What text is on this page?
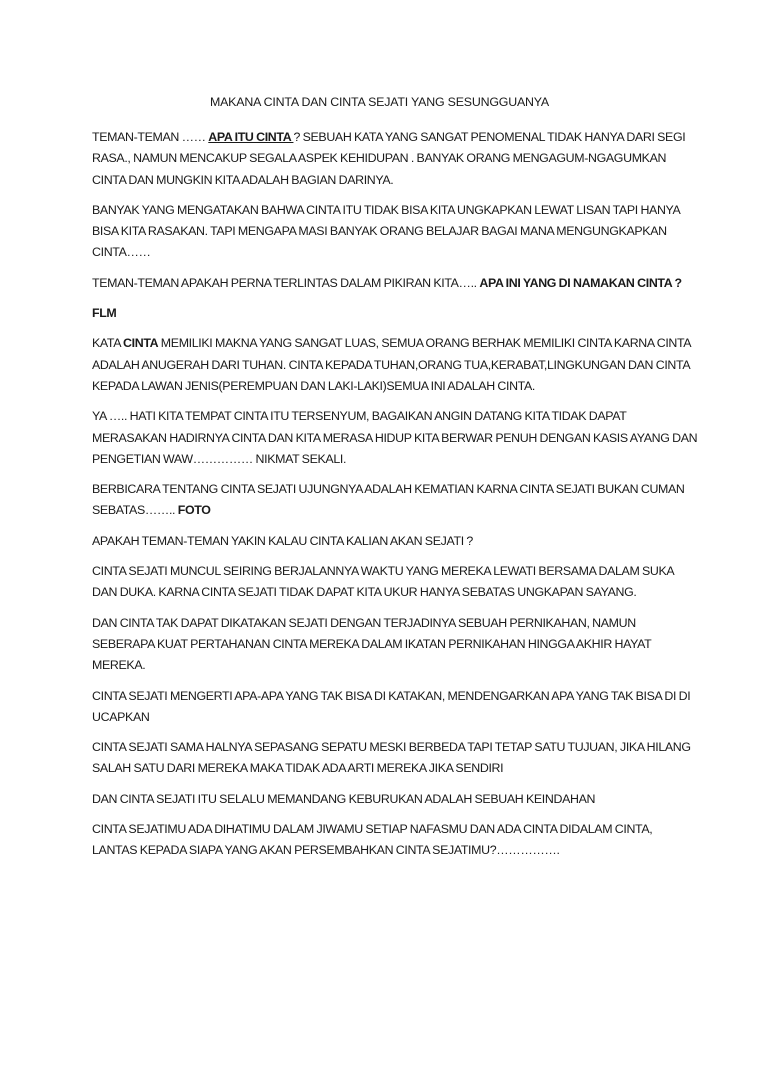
MAKANA CINTA DAN CINTA SEJATI YANG SESUNGGUANYA

TEMAN-TEMAN …… APA ITU CINTA ? SEBUAH KATA YANG SANGAT PENOMENAL TIDAK HANYA DARI SEGI RASA., NAMUN MENCAKUP SEGALA ASPEK KEHIDUPAN . BANYAK ORANG MENGAGUM-NGAGUMKAN CINTA DAN MUNGKIN KITA ADALAH BAGIAN DARINYA.

BANYAK YANG MENGATAKAN BAHWA CINTA ITU TIDAK BISA KITA UNGKAPKAN LEWAT LISAN TAPI HANYA BISA KITA RASAKAN. TAPI MENGAPA MASI BANYAK ORANG BELAJAR BAGAI MANA MENGUNGKAPKAN CINTA……

TEMAN-TEMAN APAKAH PERNA TERLINTAS DALAM PIKIRAN KITA….. APA INI YANG DI NAMAKAN CINTA ?

FLM

KATA CINTA MEMILIKI MAKNA YANG SANGAT LUAS, SEMUA ORANG BERHAK MEMILIKI CINTA KARNA CINTA ADALAH ANUGERAH DARI TUHAN. CINTA KEPADA TUHAN,ORANG TUA,KERABAT,LINGKUNGAN DAN CINTA KEPADA LAWAN JENIS(PEREMPUAN DAN LAKI-LAKI)SEMUA INI ADALAH CINTA.

YA ….. HATI KITA TEMPAT CINTA ITU TERSENYUM, BAGAIKAN ANGIN DATANG KITA TIDAK DAPAT MERASAKAN HADIRNYA CINTA DAN KITA MERASA HIDUP KITA BERWAR PENUH DENGAN KASIS AYANG DAN PENGETIAN WAW…………… NIKMAT SEKALI.

BERBICARA TENTANG CINTA SEJATI UJUNGNYA ADALAH KEMATIAN KARNA CINTA SEJATI BUKAN CUMAN SEBATAS…….. FOTO

APAKAH TEMAN-TEMAN YAKIN KALAU CINTA KALIAN AKAN SEJATI ?

CINTA SEJATI MUNCUL SEIRING BERJALANNYA WAKTU YANG MEREKA LEWATI BERSAMA DALAM SUKA DAN DUKA. KARNA CINTA SEJATI TIDAK DAPAT KITA UKUR HANYA SEBATAS UNGKAPAN SAYANG.

DAN CINTA TAK DAPAT DIKATAKAN SEJATI DENGAN TERJADINYA SEBUAH PERNIKAHAN, NAMUN SEBERAPA KUAT PERTAHANAN CINTA MEREKA DALAM IKATAN PERNIKAHAN HINGGA AKHIR HAYAT MEREKA.

CINTA SEJATI MENGERTI APA-APA YANG TAK BISA DI KATAKAN, MENDENGARKAN APA YANG TAK BISA DI DI UCAPKAN

CINTA SEJATI SAMA HALNYA SEPASANG SEPATU MESKI BERBEDA TAPI TETAP SATU TUJUAN, JIKA HILANG SALAH SATU DARI MEREKA MAKA TIDAK ADA ARTI MEREKA JIKA SENDIRI

DAN CINTA SEJATI ITU SELALU MEMANDANG KEBURUKAN ADALAH SEBUAH KEINDAHAN

CINTA SEJATIMU ADA DIHATIMU DALAM JIWAMU SETIAP NAFASMU DAN ADA CINTA DIDALAM CINTA, LANTAS KEPADA SIAPA YANG AKAN PERSEMBAHKAN CINTA SEJATIMU?…………….
